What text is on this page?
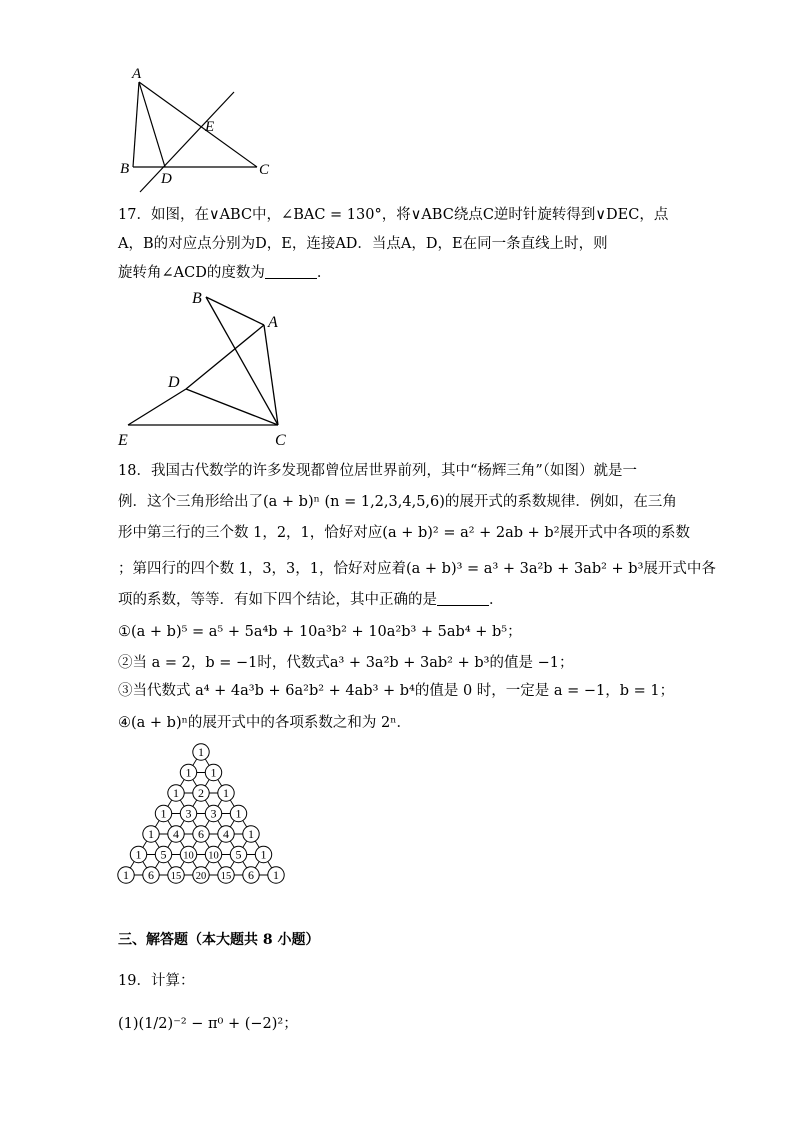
A
B	C
D
E
17．如图，在∨ABC中，∠BAC = 130°，将∨ABC绕点C逆时针旋转得到∨DEC，点
A，B的对应点分别为D，E，连接AD．当点A，D，E在同一条直线上时，则
旋转角∠ACD的度数为	．
B
A
D
E	C
18．我国古代数学的许多发现都曾位居世界前列，其中“杨辉三角”（如图）就是一
例．这个三角形给出了(a + b)ⁿ (n = 1,2,3,4,5,6)的展开式的系数规律．例如，在三角
形中第三行的三个数 1，2，1，恰好对应(a + b)² = a² + 2ab + b²展开式中各项的系数
；第四行的四个数 1，3，3，1，恰好对应着(a + b)³ = a³ + 3a²b + 3ab² + b³展开式中各
项的系数，等等．有如下四个结论，其中正确的是	．
①(a + b)⁵ = a⁵ + 5a⁴b + 10a³b² + 10a²b³ + 5ab⁴ + b⁵；
②当 a = 2，b = −1时，代数式a³ + 3a²b + 3ab² + b³的值是 −1；
③当代数式 a⁴ + 4a³b + 6a²b² + 4ab³ + b⁴的值是 0 时，一定是 a = −1，b = 1；
④(a + b)ⁿ的展开式中的各项系数之和为 2ⁿ．
1
1 1
1 2 1
1 3 3 1
1 4 6 4 1
1 5 10 10 5 1
1 6 15 20 15 6 1
三、解答题（本大题共 8 小题）
19．计算：
(1)(1/2)⁻² − π⁰ + (−2)²；
